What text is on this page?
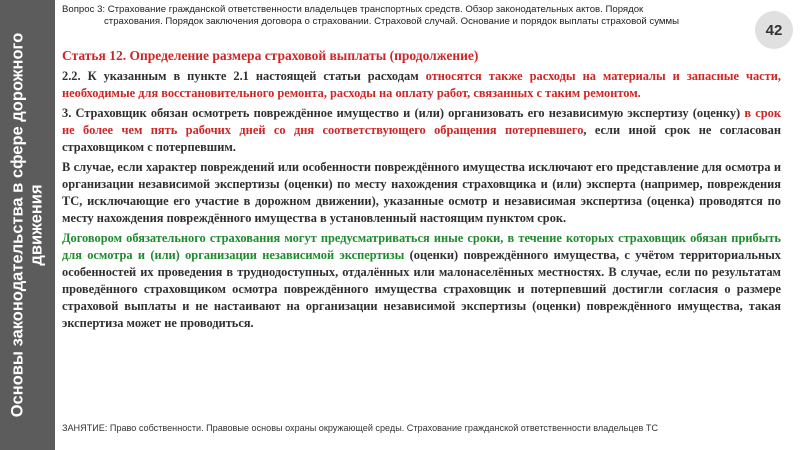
Основы законодательства в сфере дорожного движения
Вопрос 3: Страхование гражданской ответственности владельцев транспортных средств. Обзор законодательных актов. Порядок
страхования. Порядок заключения договора о страховании. Страховой случай. Основание и порядок выплаты страховой суммы	42
Статья 12. Определение размера страховой выплаты (продолжение)

2.2. К указанным в пункте 2.1 настоящей статьи расходам относятся также расходы на материалы и запасные части, необходимые для восстановительного ремонта, расходы на оплату работ, связанных с таким ремонтом.

3. Страховщик обязан осмотреть повреждённое имущество и (или) организовать его независимую экспертизу (оценку) в срок не более чем пять рабочих дней со дня соответствующего обращения потерпевшего, если иной срок не согласован страховщиком с потерпевшим.

В случае, если характер повреждений или особенности повреждённого имущества исключают его представление для осмотра и организации независимой экспертизы (оценки) по месту нахождения страховщика и (или) эксперта (например, повреждения ТС, исключающие его участие в дорожном движении), указанные осмотр и независимая экспертиза (оценка) проводятся по месту нахождения повреждённого имущества в установленный настоящим пунктом срок.

Договором обязательного страхования могут предусматриваться иные сроки, в течение которых страховщик обязан прибыть для осмотра и (или) организации независимой экспертизы (оценки) повреждённого имущества, с учётом территориальных особенностей их проведения в труднодоступных, отдалённых или малонаселённых местностях. В случае, если по результатам проведённого страховщиком осмотра повреждённого имущества страховщик и потерпевший достигли согласия о размере страховой выплаты и не настаивают на организации независимой экспертизы (оценки) повреждённого имущества, такая экспертиза может не проводиться.

ЗАНЯТИЕ: Право собственности. Правовые основы охраны окружающей среды. Страхование гражданской ответственности владельцев ТС
